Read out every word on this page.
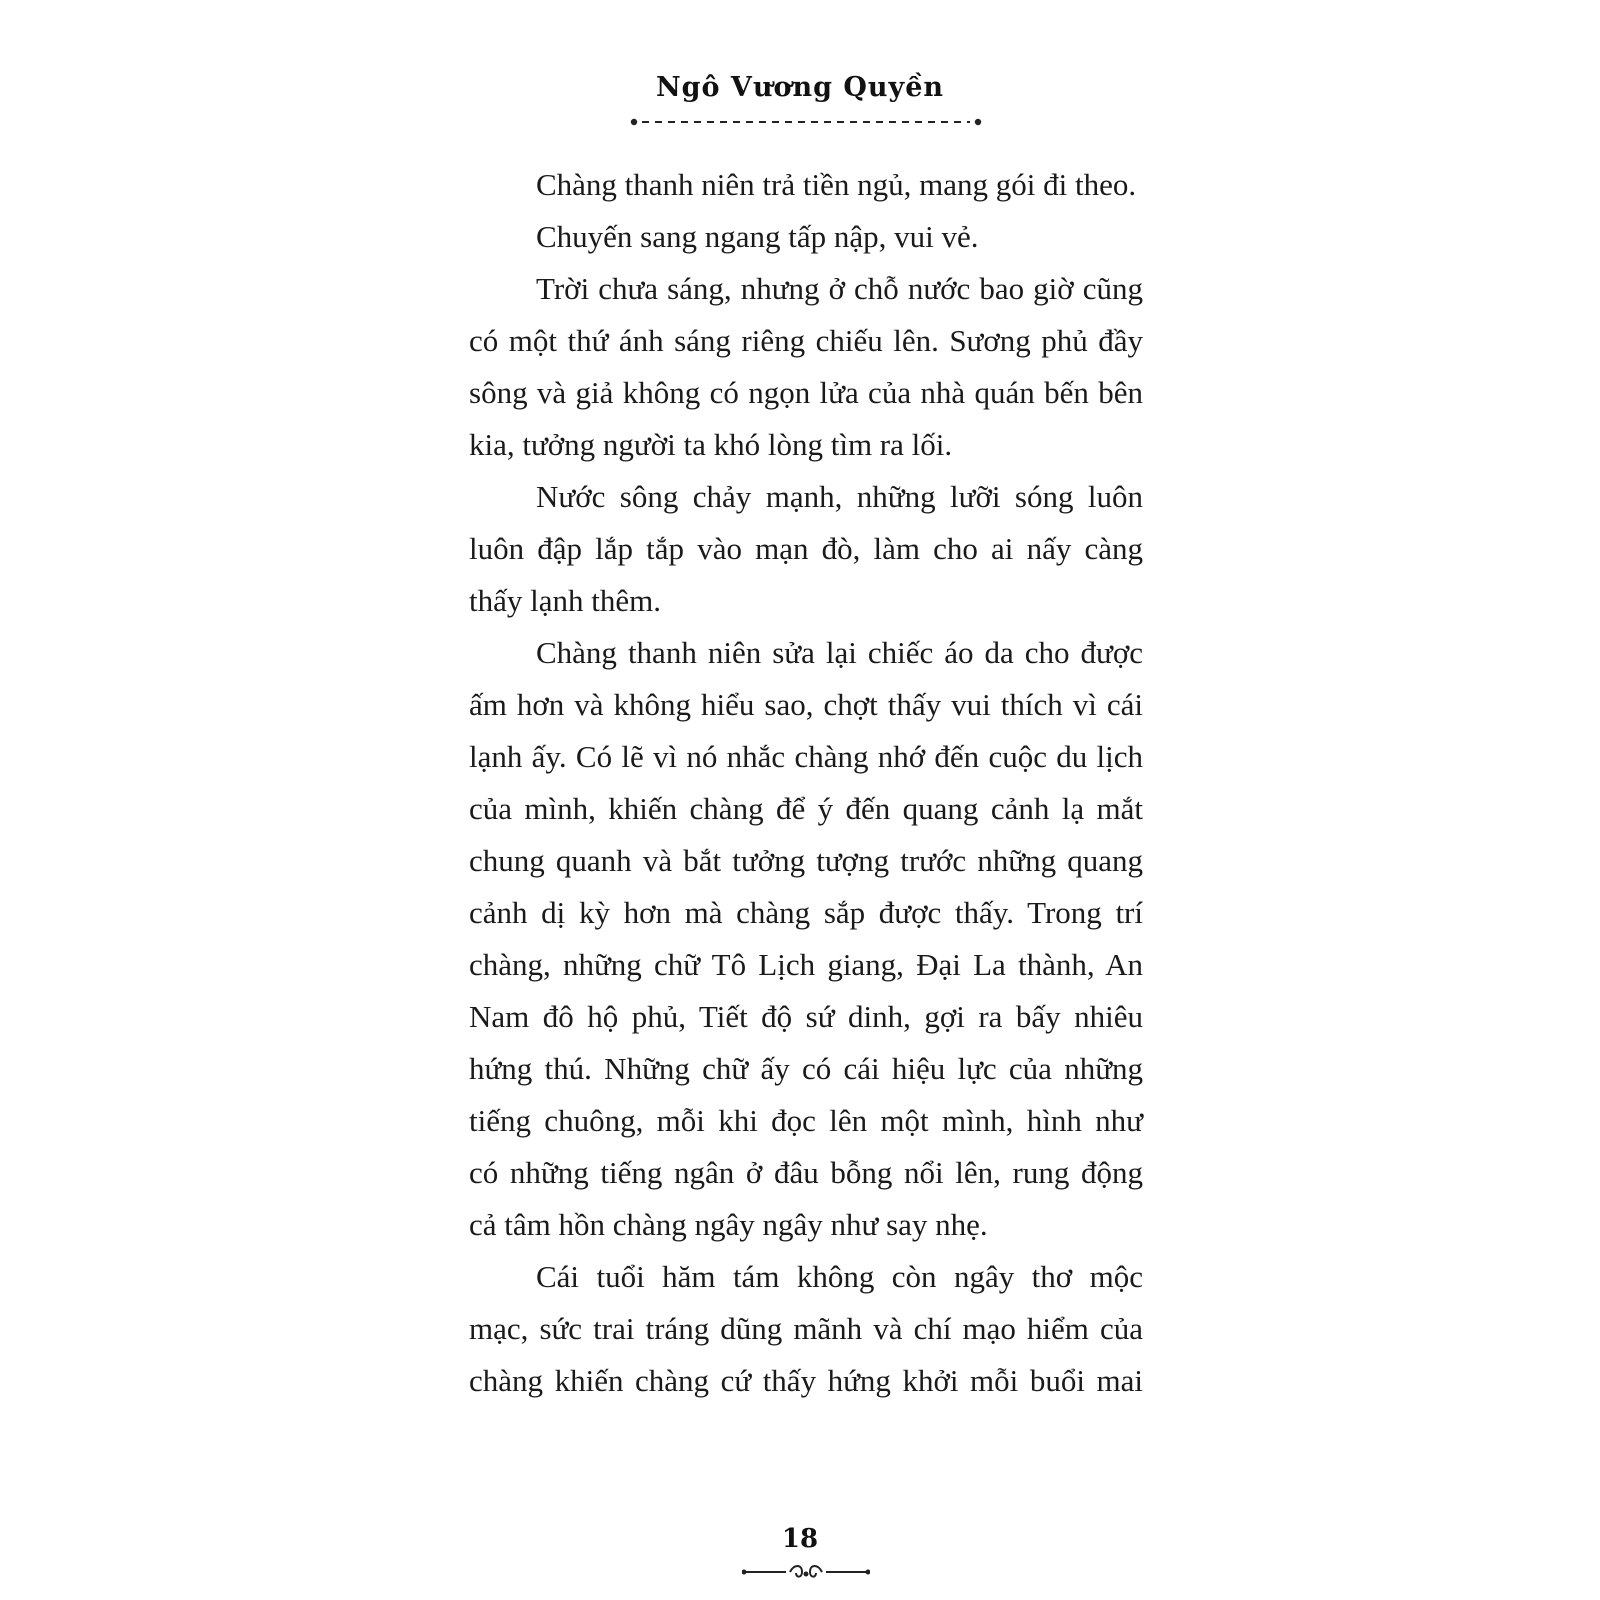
Ngô Vương Quyền

Chàng thanh niên trả tiền ngủ, mang gói đi theo.

Chuyến sang ngang tấp nập, vui vẻ.

Trời chưa sáng, nhưng ở chỗ nước bao giờ cũng
có một thứ ánh sáng riêng chiếu lên. Sương phủ đầy
sông và giả không có ngọn lửa của nhà quán bến bên
kia, tưởng người ta khó lòng tìm ra lối.

Nước sông chảy mạnh, những lưỡi sóng luôn
luôn đập lắp tắp vào mạn đò, làm cho ai nấy càng
thấy lạnh thêm.

Chàng thanh niên sửa lại chiếc áo da cho được
ấm hơn và không hiểu sao, chợt thấy vui thích vì cái
lạnh ấy. Có lẽ vì nó nhắc chàng nhớ đến cuộc du lịch
của mình, khiến chàng để ý đến quang cảnh lạ mắt
chung quanh và bắt tưởng tượng trước những quang
cảnh dị kỳ hơn mà chàng sắp được thấy. Trong trí
chàng, những chữ Tô Lịch giang, Đại La thành, An
Nam đô hộ phủ, Tiết độ sứ dinh, gợi ra bấy nhiêu
hứng thú. Những chữ ấy có cái hiệu lực của những
tiếng chuông, mỗi khi đọc lên một mình, hình như
có những tiếng ngân ở đâu bỗng nổi lên, rung động
cả tâm hồn chàng ngây ngây như say nhẹ.

Cái tuổi hăm tám không còn ngây thơ mộc
mạc, sức trai tráng dũng mãnh và chí mạo hiểm của
chàng khiến chàng cứ thấy hứng khởi mỗi buổi mai

18
